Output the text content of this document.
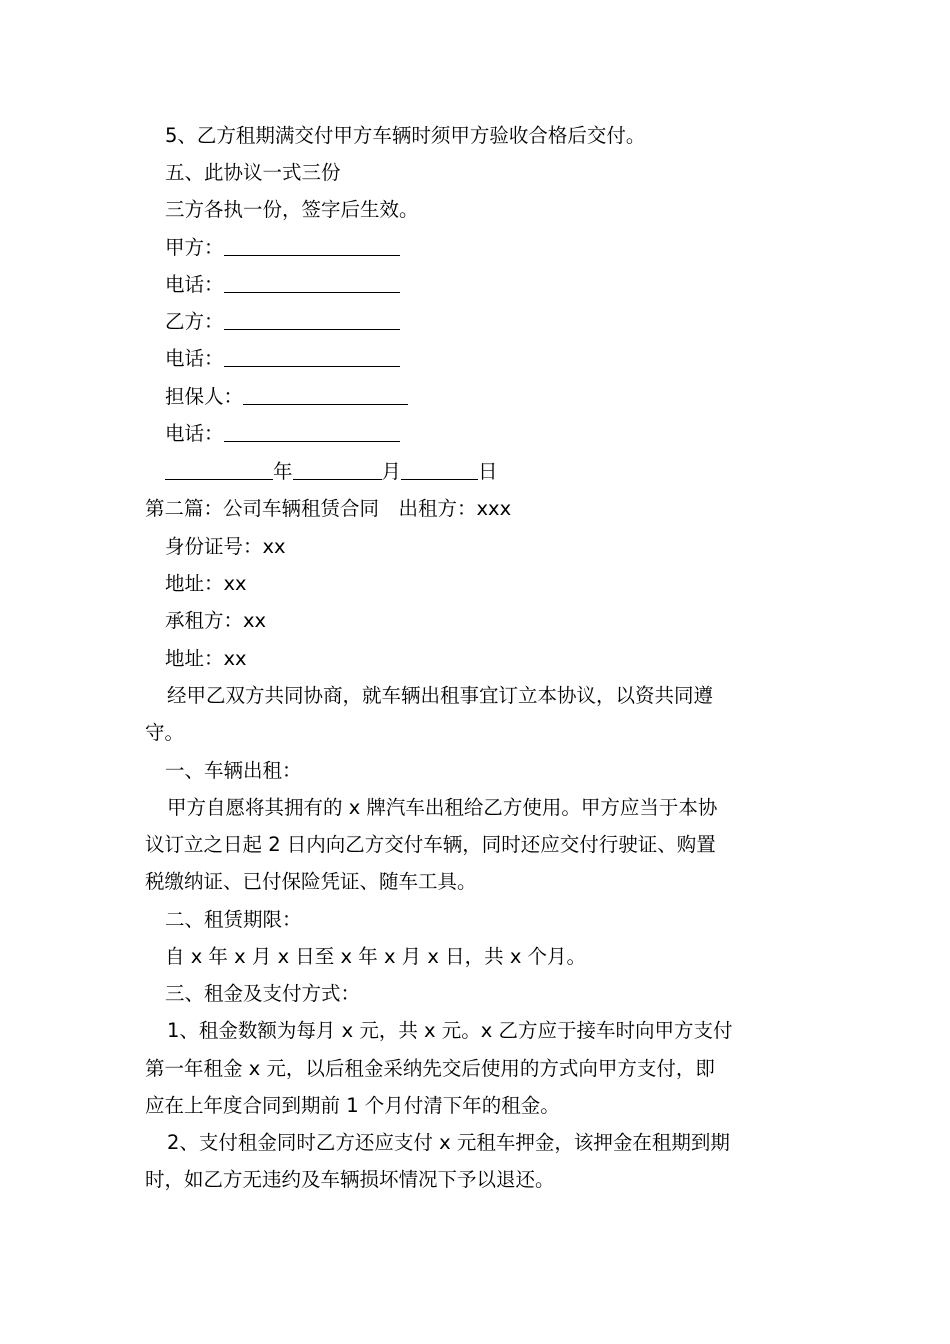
5、乙方租期满交付甲方车辆时须甲方验收合格后交付。
五、此协议一式三份
三方各执一份，签字后生效。
甲方：
电话：
乙方：
电话：
担保人：
电话：
年	月	日
第二篇：公司车辆租赁合同　出租方：xxx
身份证号：xx
地址：xx
承租方：xx
地址：xx
经甲乙双方共同协商，就车辆出租事宜订立本协议，以资共同遵
守。
一、车辆出租：
甲方自愿将其拥有的 x 牌汽车出租给乙方使用。甲方应当于本协
议订立之日起 2 日内向乙方交付车辆，同时还应交付行驶证、购置
税缴纳证、已付保险凭证、随车工具。
二、租赁期限：
自 x 年 x 月 x 日至 x 年 x 月 x 日，共 x 个月。
三、租金及支付方式：
1、租金数额为每月 x 元，共 x 元。x 乙方应于接车时向甲方支付
第一年租金 x 元，以后租金采纳先交后使用的方式向甲方支付，即
应在上年度合同到期前 1 个月付清下年的租金。
2、支付租金同时乙方还应支付 x 元租车押金，该押金在租期到期
时，如乙方无违约及车辆损坏情况下予以退还。
